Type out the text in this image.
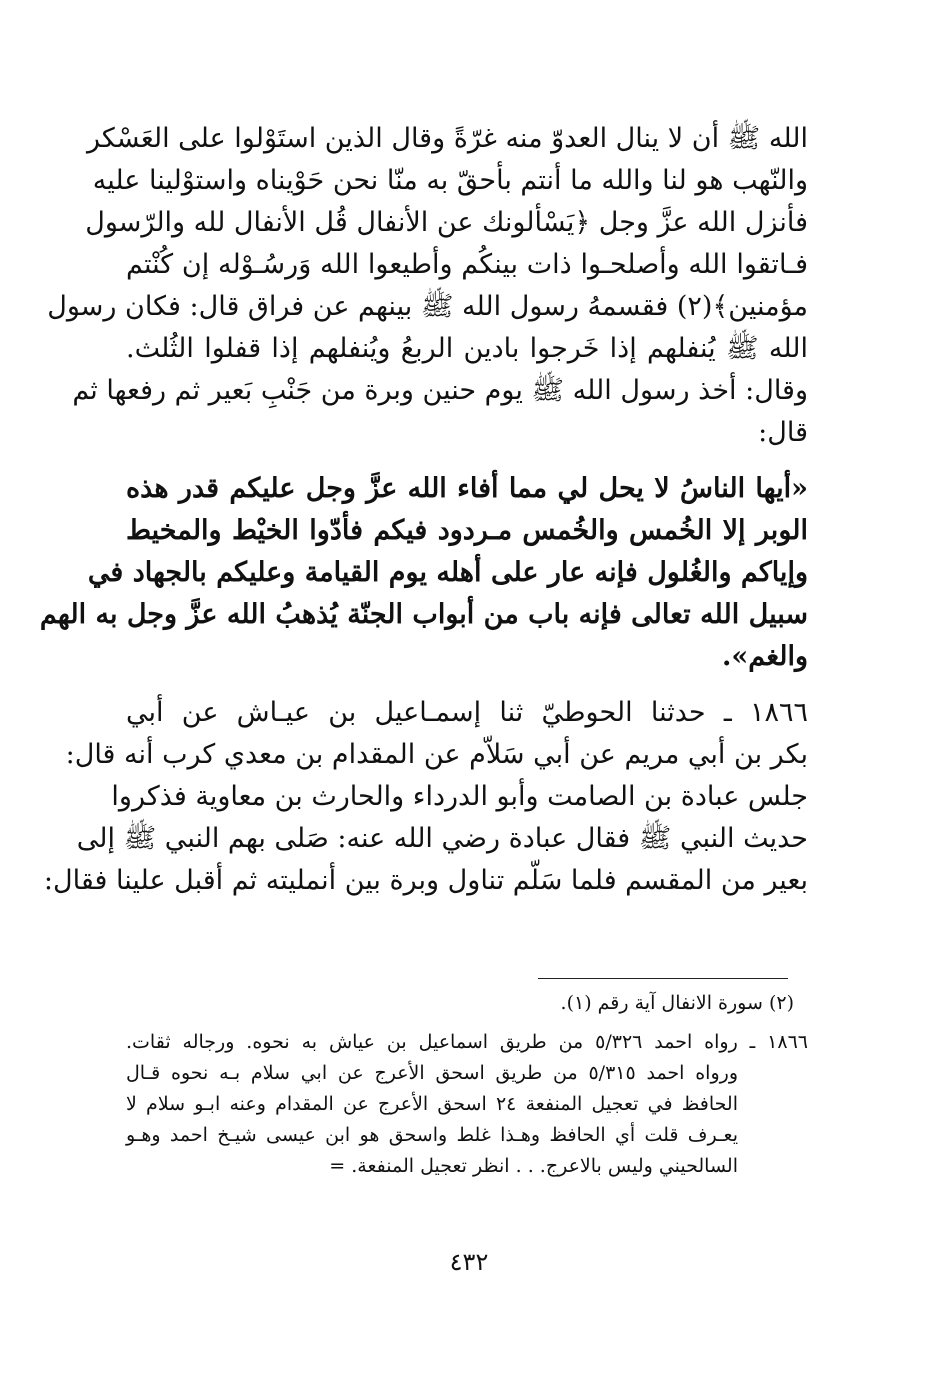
الله ﷺ أن لا ينال العدوّ منه غرّةً وقال الذين استَوْلوا على العَسْكر
والنّهب هو لنا والله ما أنتم بأحقّ به منّا نحن حَوْيناه واستوْلينا عليه
فأنزل الله عزَّ وجل ﴿يَسْألونك عن الأنفال قُل الأنفال لله والرّسول
فـاتقوا الله وأصلحـوا ذات بينكُم وأطيعوا الله وَرسُـوْله إن كُنْتم
مؤمنين﴾(٢) فقسمهُ رسول الله ﷺ بينهم عن فراق قال: فكان رسول
الله ﷺ يُنفلهم إذا خَرجوا بادين الربعُ ويُنفلهم إذا قفلوا الثُلث.
وقال: أخذ رسول الله ﷺ يوم حنين وبرة من جَنْبِ بَعير ثم رفعها ثم
قال:
«أيها الناسُ لا يحل لي مما أفاء الله عزَّ وجل عليكم قدر هذه
الوبر إلا الخُمس والخُمس مـردود فيكم فأدّوا الخيْط والمخيط
وإياكم والغُلول فإنه عار على أهله يوم القيامة وعليكم بالجهاد في
سبيل الله تعالى فإنه باب من أبواب الجنّة يُذهبُ الله عزَّ وجل به الهم
والغم».
١٨٦٦ ـ حدثنا الحوطيّ ثنا إسمـاعيل بن عيـاش عن أبي
بكر بن أبي مريم عن أبي سَلاّم عن المقدام بن معدي كرب أنه قال:
جلس عبادة بن الصامت وأبو الدرداء والحارث بن معاوية فذكروا
حديث النبي ﷺ فقال عبادة رضي الله عنه: صَلى بهم النبي ﷺ إلى
بعير من المقسم فلما سَلّم تناول وبرة بين أنمليته ثم أقبل علينا فقال:
(٢) سورة الانفال آية رقم (١).
١٨٦٦ ـ رواه احمد ٥/٣٢٦ من طريق اسماعيل بن عياش به نحوه. ورجاله ثقات.
ورواه احمد ٥/٣١٥ من طريق اسحق الأعرج عن ابي سلام بـه نحوه قـال
الحافظ في تعجيل المنفعة ٢٤ اسحق الأعرج عن المقدام وعنه ابـو سلام لا
يعـرف قلت أي الحافظ وهـذا غلط واسحق هو ابن عيسى شيـخ احمد وهـو
السالحيني وليس بالاعرج. . . انظر تعجيل المنفعة. =
٤٣٢
